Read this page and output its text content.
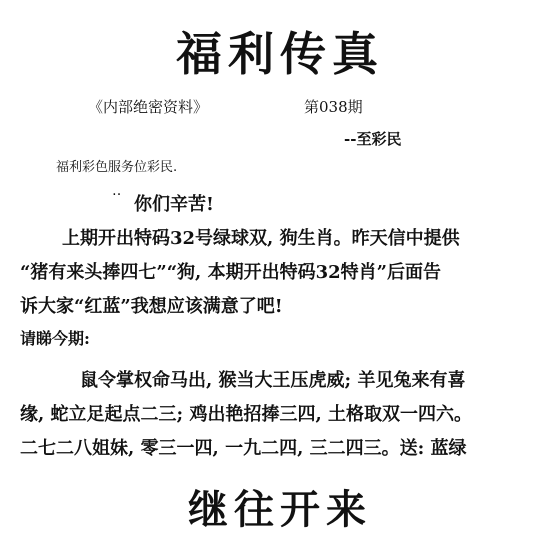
福利传真
《内部绝密资料》	第038期
--至彩民
福利彩色服务位彩民.
‥
你们辛苦!
上期开出特码32号绿球双, 狗生肖。昨天信中提供
“猪有来头捧四七”“狗, 本期开出特码32特肖”后面告
诉大家“红蓝”我想应该满意了吧!
请睇今期:
鼠令掌权命马出, 猴当大王压虎威; 羊见兔来有喜
缘, 蛇立足起点二三; 鸡出艳招捧三四, 土格取双一四六。
二七二八姐妹, 零三一四, 一九二四, 三二四三。送: 蓝绿
继往开来
